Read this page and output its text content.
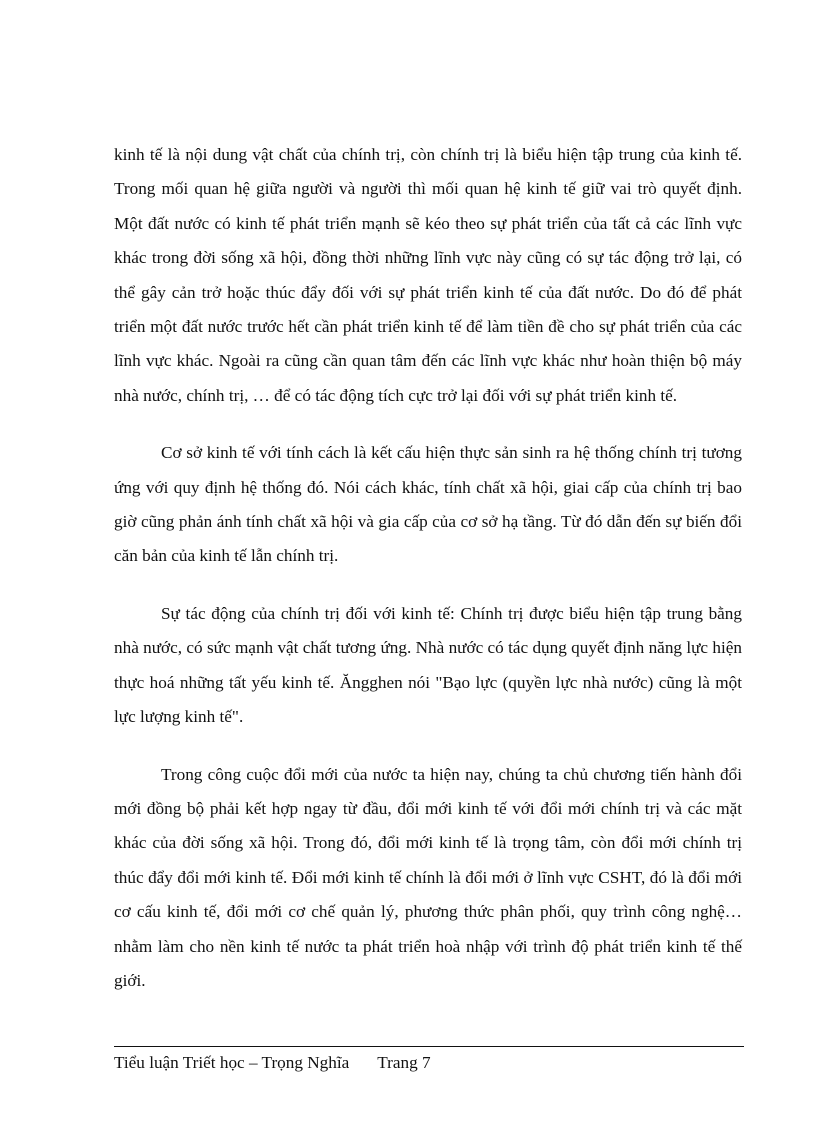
kinh tế là nội dung vật chất của chính trị, còn chính trị là biểu hiện tập trung của kinh tế. Trong mối quan hệ giữa người và người thì mối quan hệ kinh tế giữ vai trò quyết định. Một đất nước có kinh tế phát triển mạnh sẽ kéo theo sự phát triển của tất cả các lĩnh vực khác trong đời sống xã hội, đồng thời những lĩnh vực này cũng có sự tác động trở lại, có thể gây cản trở hoặc thúc đẩy đối với sự phát triển kinh tế của đất nước. Do đó để phát triển một đất nước trước hết cần phát triển kinh tế để làm tiền đề cho sự phát triển của các lĩnh vực khác. Ngoài ra cũng cần quan tâm đến các lĩnh vực khác như hoàn thiện bộ máy nhà nước, chính trị, … để có tác động tích cực trở lại đối với sự phát triển kinh tế.

Cơ sở kinh tế với tính cách là kết cấu hiện thực sản sinh ra hệ thống chính trị tương ứng với quy định hệ thống đó. Nói cách khác, tính chất xã hội, giai cấp của chính trị bao giờ cũng phản ánh tính chất xã hội và gia cấp của cơ sở hạ tầng. Từ đó dẫn đến sự biến đổi căn bản của kinh tế lẫn chính trị.

Sự tác động của chính trị đối với kinh tế: Chính trị được biểu hiện tập trung bằng nhà nước, có sức mạnh vật chất tương ứng. Nhà nước có tác dụng quyết định năng lực hiện thực hoá những tất yếu kinh tế. Ăngghen nói "Bạo lực (quyền lực nhà nước) cũng là một lực lượng kinh tế".

Trong công cuộc đổi mới của nước ta hiện nay, chúng ta chủ chương tiến hành đổi mới đồng bộ phải kết hợp ngay từ đầu, đổi mới kinh tế với đổi mới chính trị và các mặt khác của đời sống xã hội. Trong đó, đổi mới kinh tế là trọng tâm, còn đổi mới chính trị thúc đẩy đổi mới kinh tế. Đổi mới kinh tế chính là đổi mới ở lĩnh vực CSHT, đó là đổi mới cơ cấu kinh tế, đổi mới cơ chế quản lý, phương thức phân phối, quy trình công nghệ…nhằm làm cho nền kinh tế nước ta phát triển hoà nhập với trình độ phát triển kinh tế thế giới.

Tiểu luận Triết học – Trọng Nghĩa Trang 7
